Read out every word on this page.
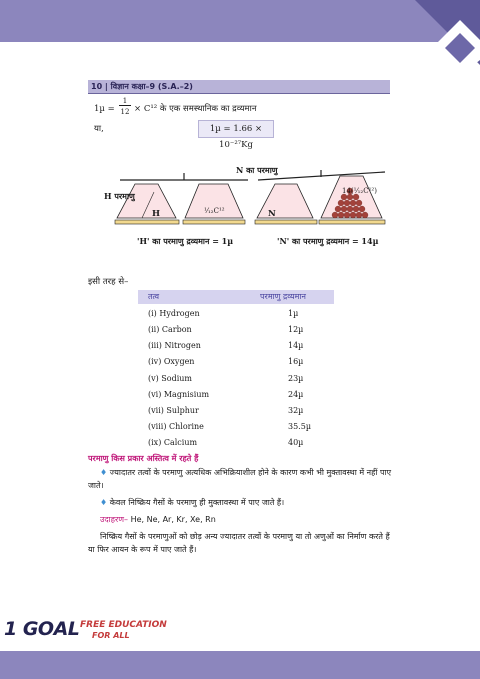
10 | विज्ञान कक्षा–9 (S.A.–2)
1µ =
1
12 × C¹² के एक समस्थानिक का द्रव्यमान
या,	1µ = 1.66 × 10⁻²⁷Kg
H परमाणु
N का परमाणु
H	¹⁄₁₂C¹²	N
14(¹⁄₁₂C¹²)
'H' का परमाणु द्रव्यमान = 1µ	'N' का परमाणु द्रव्यमान = 14µ
इसी तरह से–
तत्व	परमाणु द्रव्यमान
(i) Hydrogen	1µ
(ii) Carbon	12µ
(iii) Nitrogen	14µ
(iv) Oxygen	16µ
(v) Sodium	23µ
(vi) Magnisium	24µ
(vii) Sulphur	32µ
(viii) Chlorine	35.5µ
(ix) Calcium	40µ
परमाणु किस प्रकार अस्तित्व में रहते हैं
♦ ज्यादातर तत्वों के परमाणु अत्यधिक अभिक्रियाशील होने के कारण कभी भी मुक्तावस्था में नहीं पाए जाते।
♦ केवल निष्क्रिय गैसों के परमाणु ही मुक्तावस्था में पाए जाते हैं।
उदाहरण– He, Ne, Ar, Kr, Xe, Rn
निष्क्रिय गैसों के परमाणुओं को छोड़ अन्य ज्यादातर तत्वों के परमाणु या तो अणुओं का निर्माण करते हैं या फिर आयन के रूप में पाए जाते हैं।
1 GOAL FREE EDUCATION
FOR ALL
